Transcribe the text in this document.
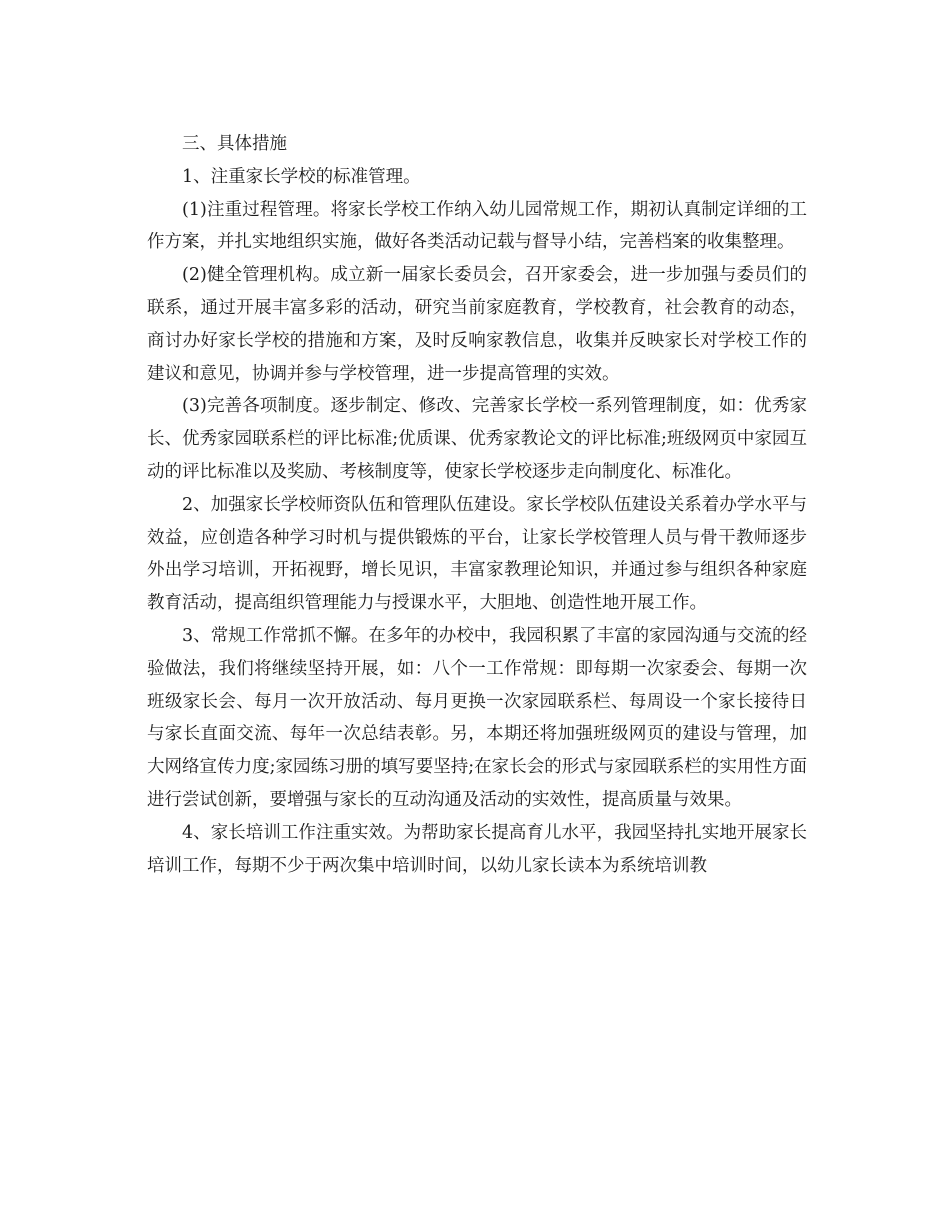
三、具体措施

1、注重家长学校的标准管理。

(1)注重过程管理。将家长学校工作纳入幼儿园常规工作，期初认真制定详细的工作方案，并扎实地组织实施，做好各类活动记载与督导小结，完善档案的收集整理。

(2)健全管理机构。成立新一届家长委员会，召开家委会，进一步加强与委员们的联系，通过开展丰富多彩的活动，研究当前家庭教育，学校教育，社会教育的动态，商讨办好家长学校的措施和方案，及时反响家教信息，收集并反映家长对学校工作的建议和意见，协调并参与学校管理，进一步提高管理的实效。

(3)完善各项制度。逐步制定、修改、完善家长学校一系列管理制度，如：优秀家长、优秀家园联系栏的评比标准;优质课、优秀家教论文的评比标准;班级网页中家园互动的评比标准以及奖励、考核制度等，使家长学校逐步走向制度化、标准化。

2、加强家长学校师资队伍和管理队伍建设。家长学校队伍建设关系着办学水平与效益，应创造各种学习时机与提供锻炼的平台，让家长学校管理人员与骨干教师逐步外出学习培训，开拓视野，增长见识，丰富家教理论知识，并通过参与组织各种家庭教育活动，提高组织管理能力与授课水平，大胆地、创造性地开展工作。

3、常规工作常抓不懈。在多年的办校中，我园积累了丰富的家园沟通与交流的经验做法，我们将继续坚持开展，如：八个一工作常规：即每期一次家委会、每期一次班级家长会、每月一次开放活动、每月更换一次家园联系栏、每周设一个家长接待日与家长直面交流、每年一次总结表彰。另，本期还将加强班级网页的建设与管理，加大网络宣传力度;家园练习册的填写要坚持;在家长会的形式与家园联系栏的实用性方面进行尝试创新，要增强与家长的互动沟通及活动的实效性，提高质量与效果。

4、家长培训工作注重实效。为帮助家长提高育儿水平，我园坚持扎实地开展家长培训工作，每期不少于两次集中培训时间，以幼儿家长读本为系统培训教
